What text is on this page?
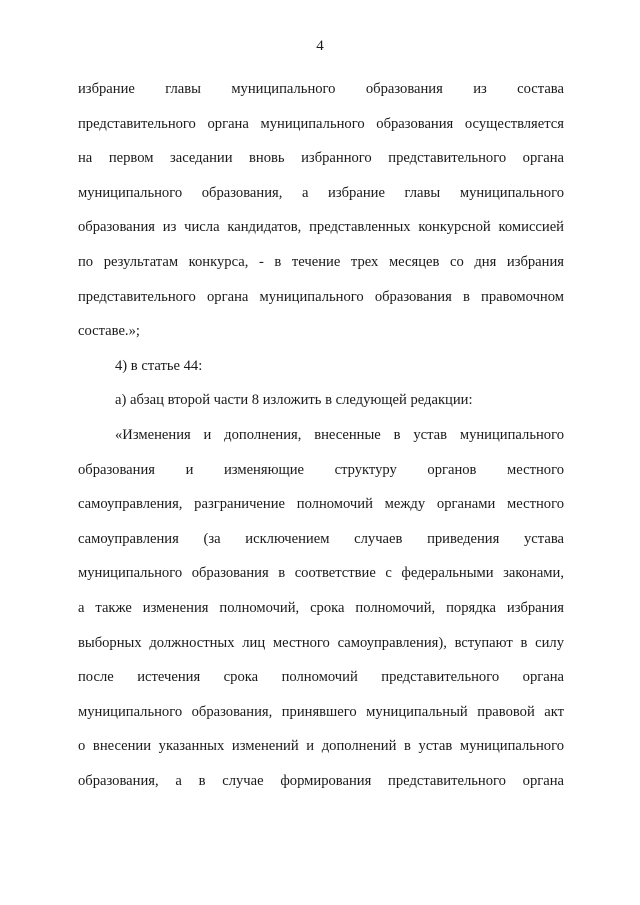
4
избрание главы муниципального образования из состава
представительного органа муниципального образования осуществляется
на первом заседании вновь избранного представительного органа
муниципального образования, а избрание главы муниципального
образования из числа кандидатов, представленных конкурсной комиссией
по результатам конкурса, - в течение трех месяцев со дня избрания
представительного органа муниципального образования в правомочном
составе.»;
4) в статье 44:
а) абзац второй части 8 изложить в следующей редакции:
«Изменения и дополнения, внесенные в устав муниципального
образования и изменяющие структуру органов местного
самоуправления, разграничение полномочий между органами местного
самоуправления (за исключением случаев приведения устава
муниципального образования в соответствие с федеральными законами,
а также изменения полномочий, срока полномочий, порядка избрания
выборных должностных лиц местного самоуправления), вступают в силу
после истечения срока полномочий представительного органа
муниципального образования, принявшего муниципальный правовой акт
о внесении указанных изменений и дополнений в устав муниципального
образования, а в случае формирования представительного органа
